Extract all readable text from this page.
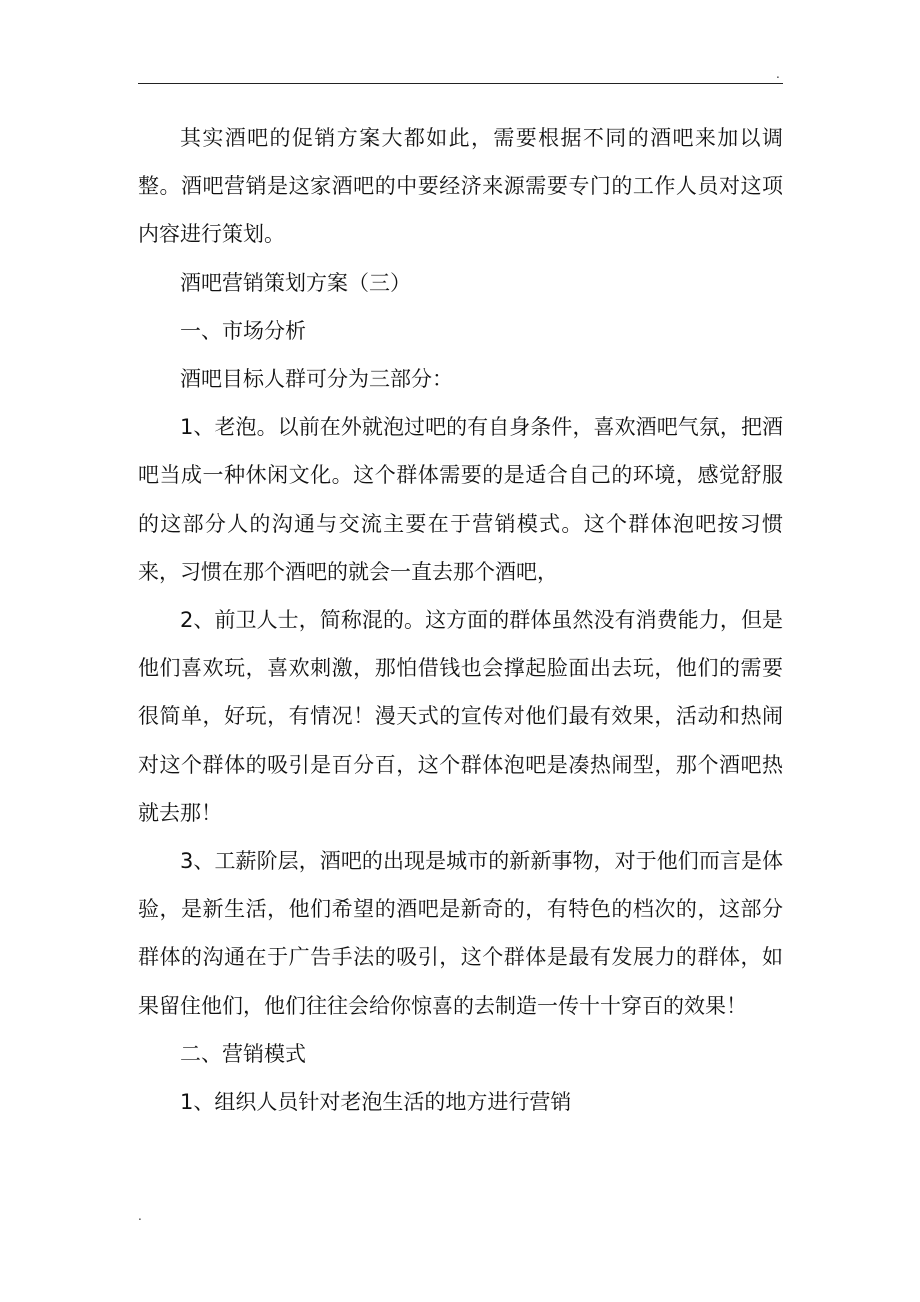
.

其实酒吧的促销方案大都如此，需要根据不同的酒吧来加以调整。酒吧营销是这家酒吧的中要经济来源需要专门的工作人员对这项内容进行策划。

酒吧营销策划方案（三）

一、市场分析

酒吧目标人群可分为三部分：

1、老泡。以前在外就泡过吧的有自身条件，喜欢酒吧气氛，把酒吧当成一种休闲文化。这个群体需要的是适合自己的环境，感觉舒服的这部分人的沟通与交流主要在于营销模式。这个群体泡吧按习惯来，习惯在那个酒吧的就会一直去那个酒吧，

2、前卫人士，简称混的。这方面的群体虽然没有消费能力，但是他们喜欢玩，喜欢刺激，那怕借钱也会撑起脸面出去玩，他们的需要很简单，好玩，有情况！漫天式的宣传对他们最有效果，活动和热闹对这个群体的吸引是百分百，这个群体泡吧是凑热闹型，那个酒吧热就去那！

3、工薪阶层，酒吧的出现是城市的新新事物，对于他们而言是体验，是新生活，他们希望的酒吧是新奇的，有特色的档次的，这部分群体的沟通在于广告手法的吸引，这个群体是最有发展力的群体，如果留住他们，他们往往会给你惊喜的去制造一传十十穿百的效果！

二、营销模式

1、组织人员针对老泡生活的地方进行营销

.
